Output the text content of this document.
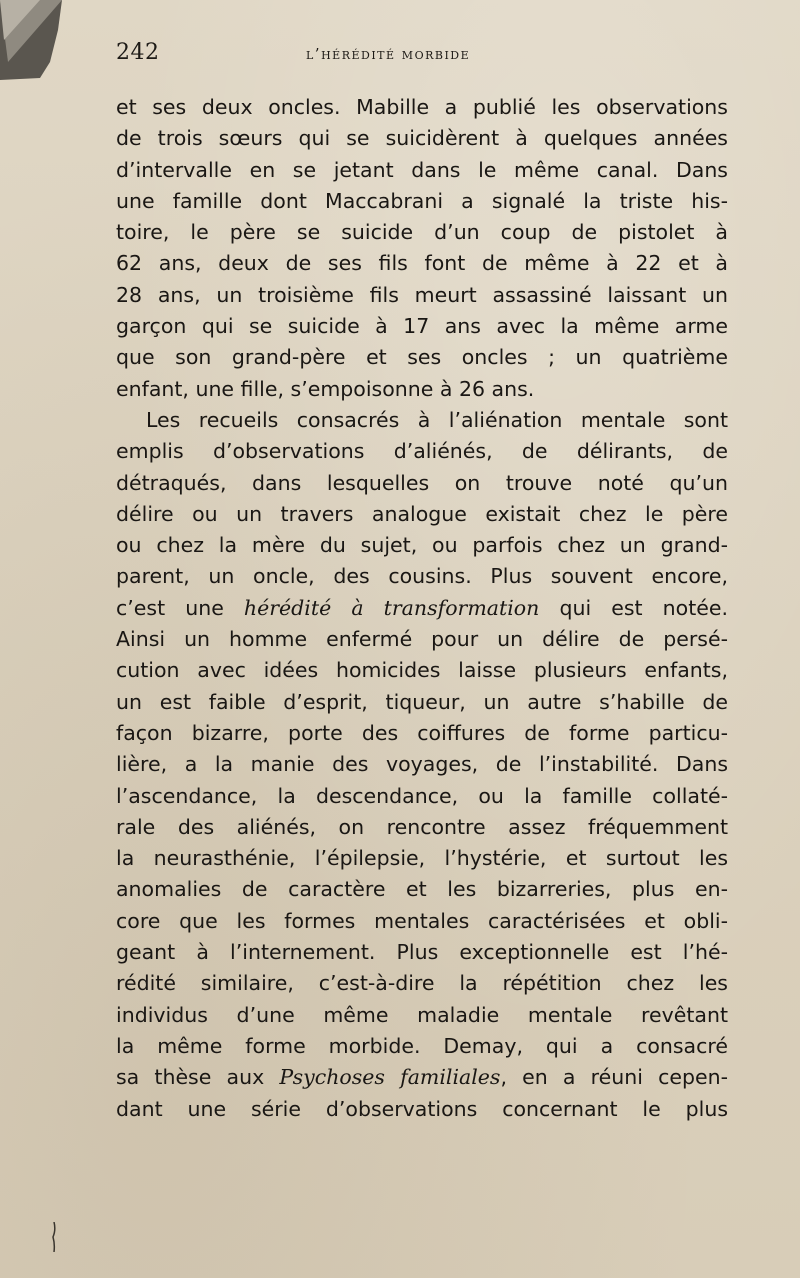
242	l’hérédité morbide
et ses deux oncles. Mabille a publié les observations
de trois sœurs qui se suicidèrent à quelques années
d’intervalle en se jetant dans le même canal. Dans
une famille dont Maccabrani a signalé la triste his-
toire, le père se suicide d’un coup de pistolet à
62 ans, deux de ses fils font de même à 22 et à
28 ans, un troisième fils meurt assassiné laissant un
garçon qui se suicide à 17 ans avec la même arme
que son grand-père et ses oncles ; un quatrième
enfant, une fille, s’empoisonne à 26 ans.
Les recueils consacrés à l’aliénation mentale sont
emplis d’observations d’aliénés, de délirants, de
détraqués, dans lesquelles on trouve noté qu’un
délire ou un travers analogue existait chez le père
ou chez la mère du sujet, ou parfois chez un grand-
parent, un oncle, des cousins. Plus souvent encore,
c’est une hérédité à transformation qui est notée.
Ainsi un homme enfermé pour un délire de persé-
cution avec idées homicides laisse plusieurs enfants,
un est faible d’esprit, tiqueur, un autre s’habille de
façon bizarre, porte des coiffures de forme particu-
lière, a la manie des voyages, de l’instabilité. Dans
l’ascendance, la descendance, ou la famille collaté-
rale des aliénés, on rencontre assez fréquemment
la neurasthénie, l’épilepsie, l’hystérie, et surtout les
anomalies de caractère et les bizarreries, plus en-
core que les formes mentales caractérisées et obli-
geant à l’internement. Plus exceptionnelle est l’hé-
rédité similaire, c’est-à-dire la répétition chez les
individus d’une même maladie mentale revêtant
la même forme morbide. Demay, qui a consacré
sa thèse aux Psychoses familiales, en a réuni cepen-
dant une série d’observations concernant le plus
